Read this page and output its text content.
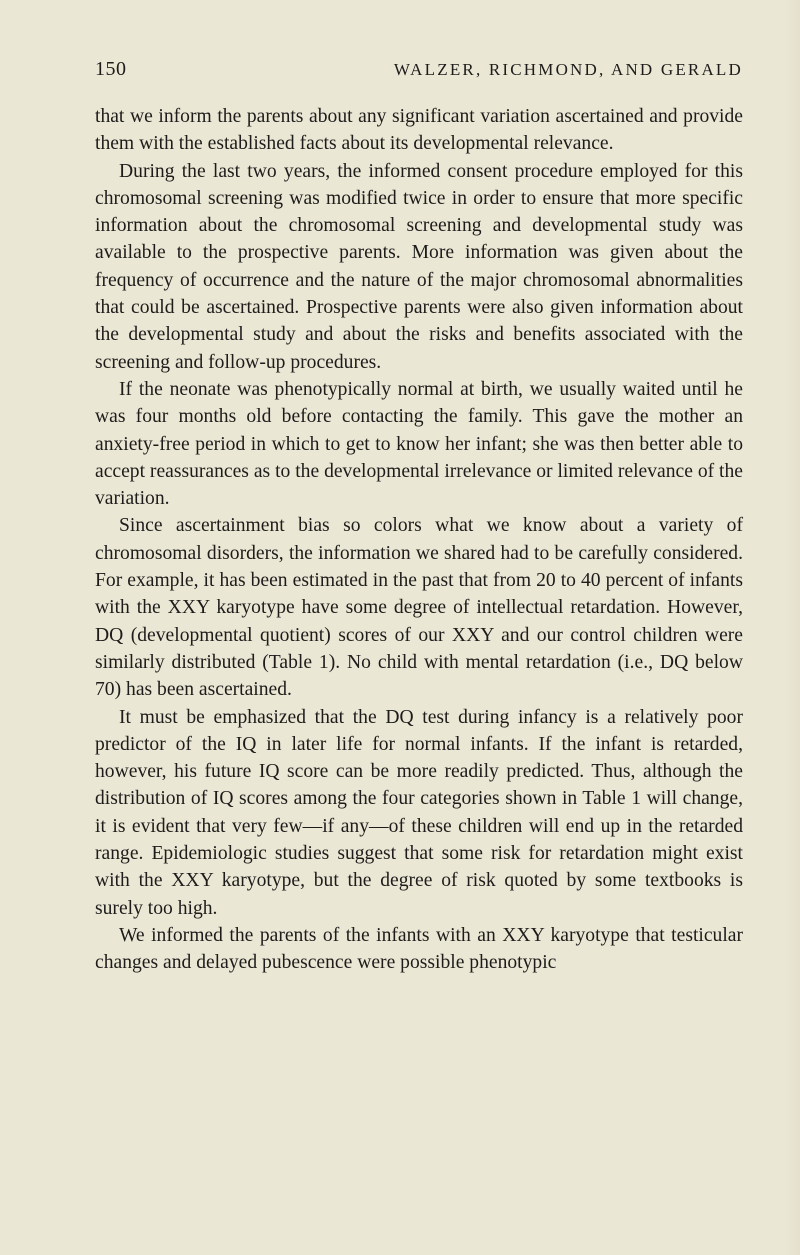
150	WALZER, RICHMOND, AND GERALD

that we inform the parents about any significant variation ascertained and provide them with the established facts about its developmental relevance.

During the last two years, the informed consent procedure employed for this chromosomal screening was modified twice in order to ensure that more specific information about the chromosomal screening and developmental study was available to the prospective parents. More information was given about the frequency of occurrence and the nature of the major chromosomal abnormalities that could be ascertained. Prospective parents were also given information about the developmental study and about the risks and benefits associated with the screening and follow-up procedures.

If the neonate was phenotypically normal at birth, we usually waited until he was four months old before contacting the family. This gave the mother an anxiety-free period in which to get to know her infant; she was then better able to accept reassurances as to the developmental irrelevance or limited relevance of the variation.

Since ascertainment bias so colors what we know about a variety of chromosomal disorders, the information we shared had to be carefully considered. For example, it has been estimated in the past that from 20 to 40 percent of infants with the XXY karyotype have some degree of intellectual retardation. However, DQ (developmental quotient) scores of our XXY and our control children were similarly distributed (Table 1). No child with mental retardation (i.e., DQ below 70) has been ascertained.

It must be emphasized that the DQ test during infancy is a relatively poor predictor of the IQ in later life for normal infants. If the infant is retarded, however, his future IQ score can be more readily predicted. Thus, although the distribution of IQ scores among the four categories shown in Table 1 will change, it is evident that very few—if any—of these children will end up in the retarded range. Epidemiologic studies suggest that some risk for retardation might exist with the XXY karyotype, but the degree of risk quoted by some textbooks is surely too high.

We informed the parents of the infants with an XXY karyotype that testicular changes and delayed pubescence were possible phenotypic
